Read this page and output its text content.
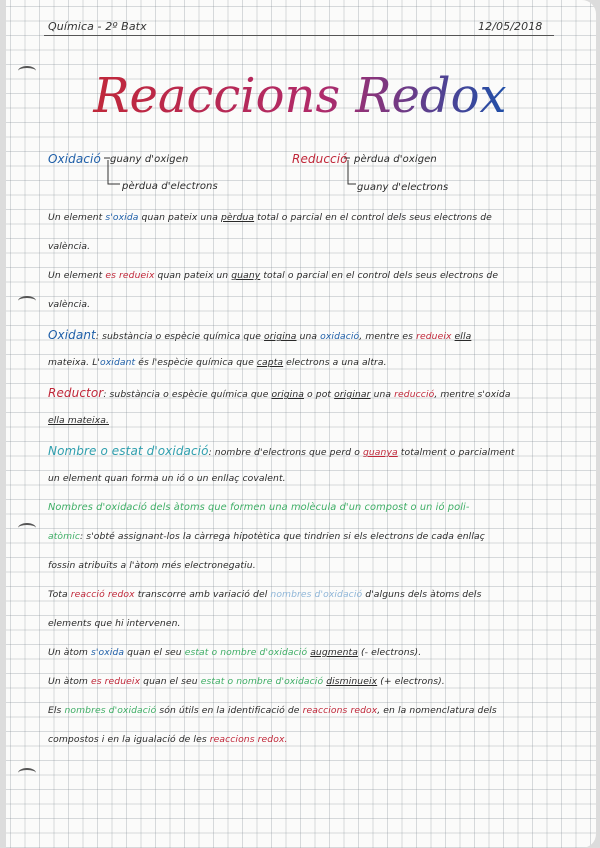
Química - 2º Batx	12/05/2018
Reaccions Redox
Oxidació guany d'oxigen
pèrdua d'electrons
Reducció pèrdua d'oxigen
guany d'electrons
Un element s'oxida quan pateix una pèrdua total o parcial en el control dels seus electrons de
valència.
Un element es redueix quan pateix un guany total o parcial en el control dels seus electrons de
valència.
Oxidant: substància o espècie química que origina una oxidació, mentre es redueix ella
mateixa. L'oxidant és l'espècie química que capta electrons a una altra.
Reductor: substància o espècie química que origina o pot originar una reducció, mentre s'oxida
ella mateixa.
Nombre o estat d'oxidació: nombre d'electrons que perd o guanya totalment o parcialment
un element quan forma un ió o un enllaç covalent.
Nombres d'oxidació dels àtoms que formen una molècula d'un compost o un ió poli-
atòmic: s'obté assignant-los la càrrega hipotètica que tindrien si els electrons de cada enllaç
fossin atribuïts a l'àtom més electronegatiu.
Tota reacció redox transcorre amb variació del nombres d'oxidació d'alguns dels àtoms dels
elements que hi intervenen.
Un àtom s'oxida quan el seu estat o nombre d'oxidació augmenta (- electrons).
Un àtom es redueix quan el seu estat o nombre d'oxidació disminueix (+ electrons).
Els nombres d'oxidació són útils en la identificació de reaccions redox, en la nomenclatura dels
compostos i en la igualació de les reaccions redox.
